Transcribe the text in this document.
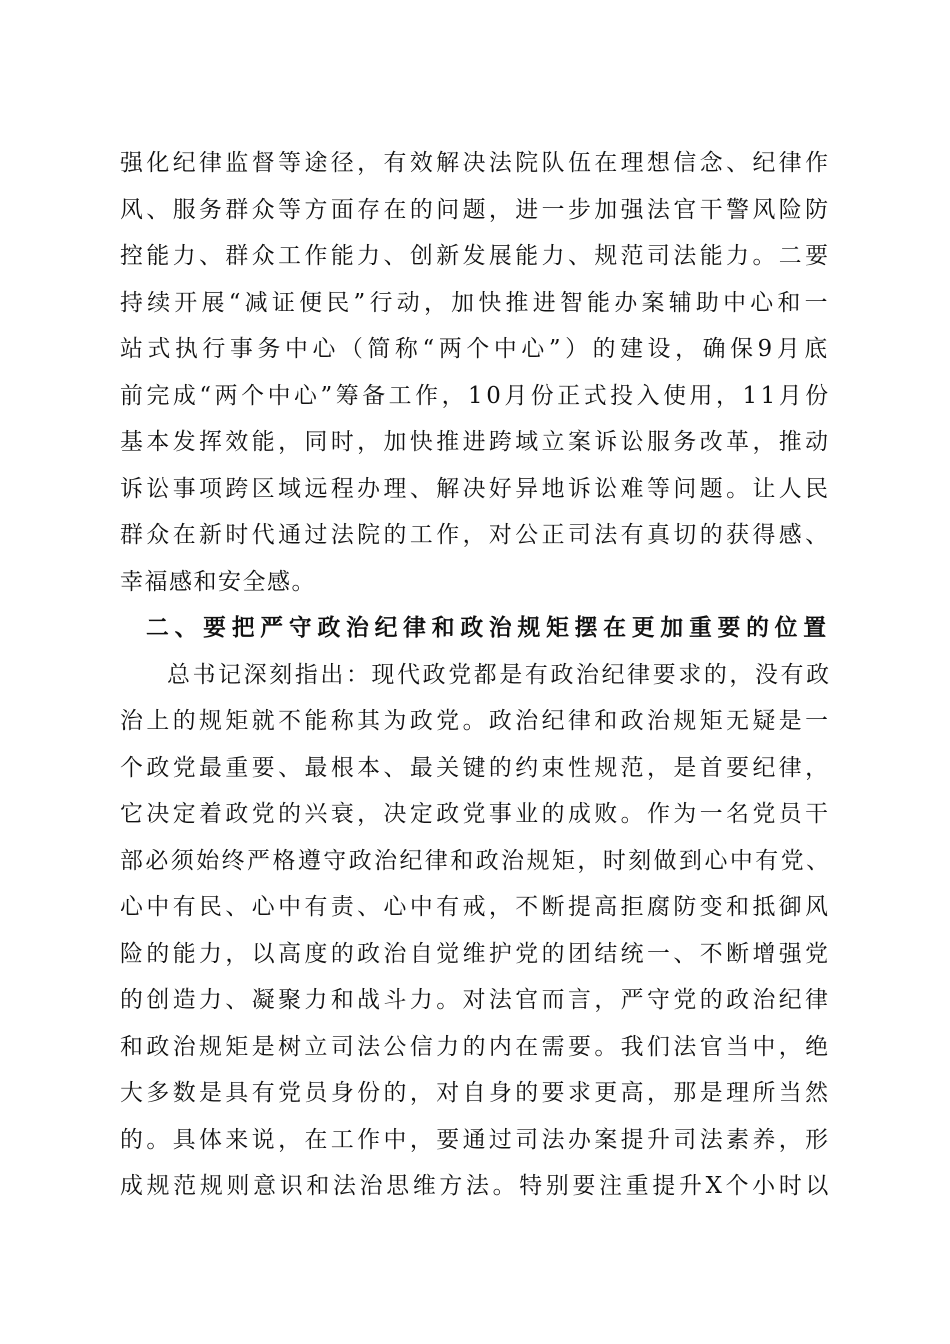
强化纪律监督等途径，有效解决法院队伍在理想信念、纪律作
风、服务群众等方面存在的问题，进一步加强法官干警风险防
控能力、群众工作能力、创新发展能力、规范司法能力。二要
持续开展“减证便民”行动，加快推进智能办案辅助中心和一
站式执行事务中心（简称“两个中心”）的建设，确保9月底
前完成“两个中心”筹备工作，10月份正式投入使用，11月份
基本发挥效能，同时，加快推进跨域立案诉讼服务改革，推动
诉讼事项跨区域远程办理、解决好异地诉讼难等问题。让人民
群众在新时代通过法院的工作，对公正司法有真切的获得感、
幸福感和安全感。
二、要把严守政治纪律和政治规矩摆在更加重要的位置
总书记深刻指出：现代政党都是有政治纪律要求的，没有政
治上的规矩就不能称其为政党。政治纪律和政治规矩无疑是一
个政党最重要、最根本、最关键的约束性规范，是首要纪律，
它决定着政党的兴衰，决定政党事业的成败。作为一名党员干
部必须始终严格遵守政治纪律和政治规矩，时刻做到心中有党、
心中有民、心中有责、心中有戒，不断提高拒腐防变和抵御风
险的能力，以高度的政治自觉维护党的团结统一、不断增强党
的创造力、凝聚力和战斗力。对法官而言，严守党的政治纪律
和政治规矩是树立司法公信力的内在需要。我们法官当中，绝
大多数是具有党员身份的，对自身的要求更高，那是理所当然
的。具体来说，在工作中，要通过司法办案提升司法素养，形
成规范规则意识和法治思维方法。特别要注重提升X个小时以
